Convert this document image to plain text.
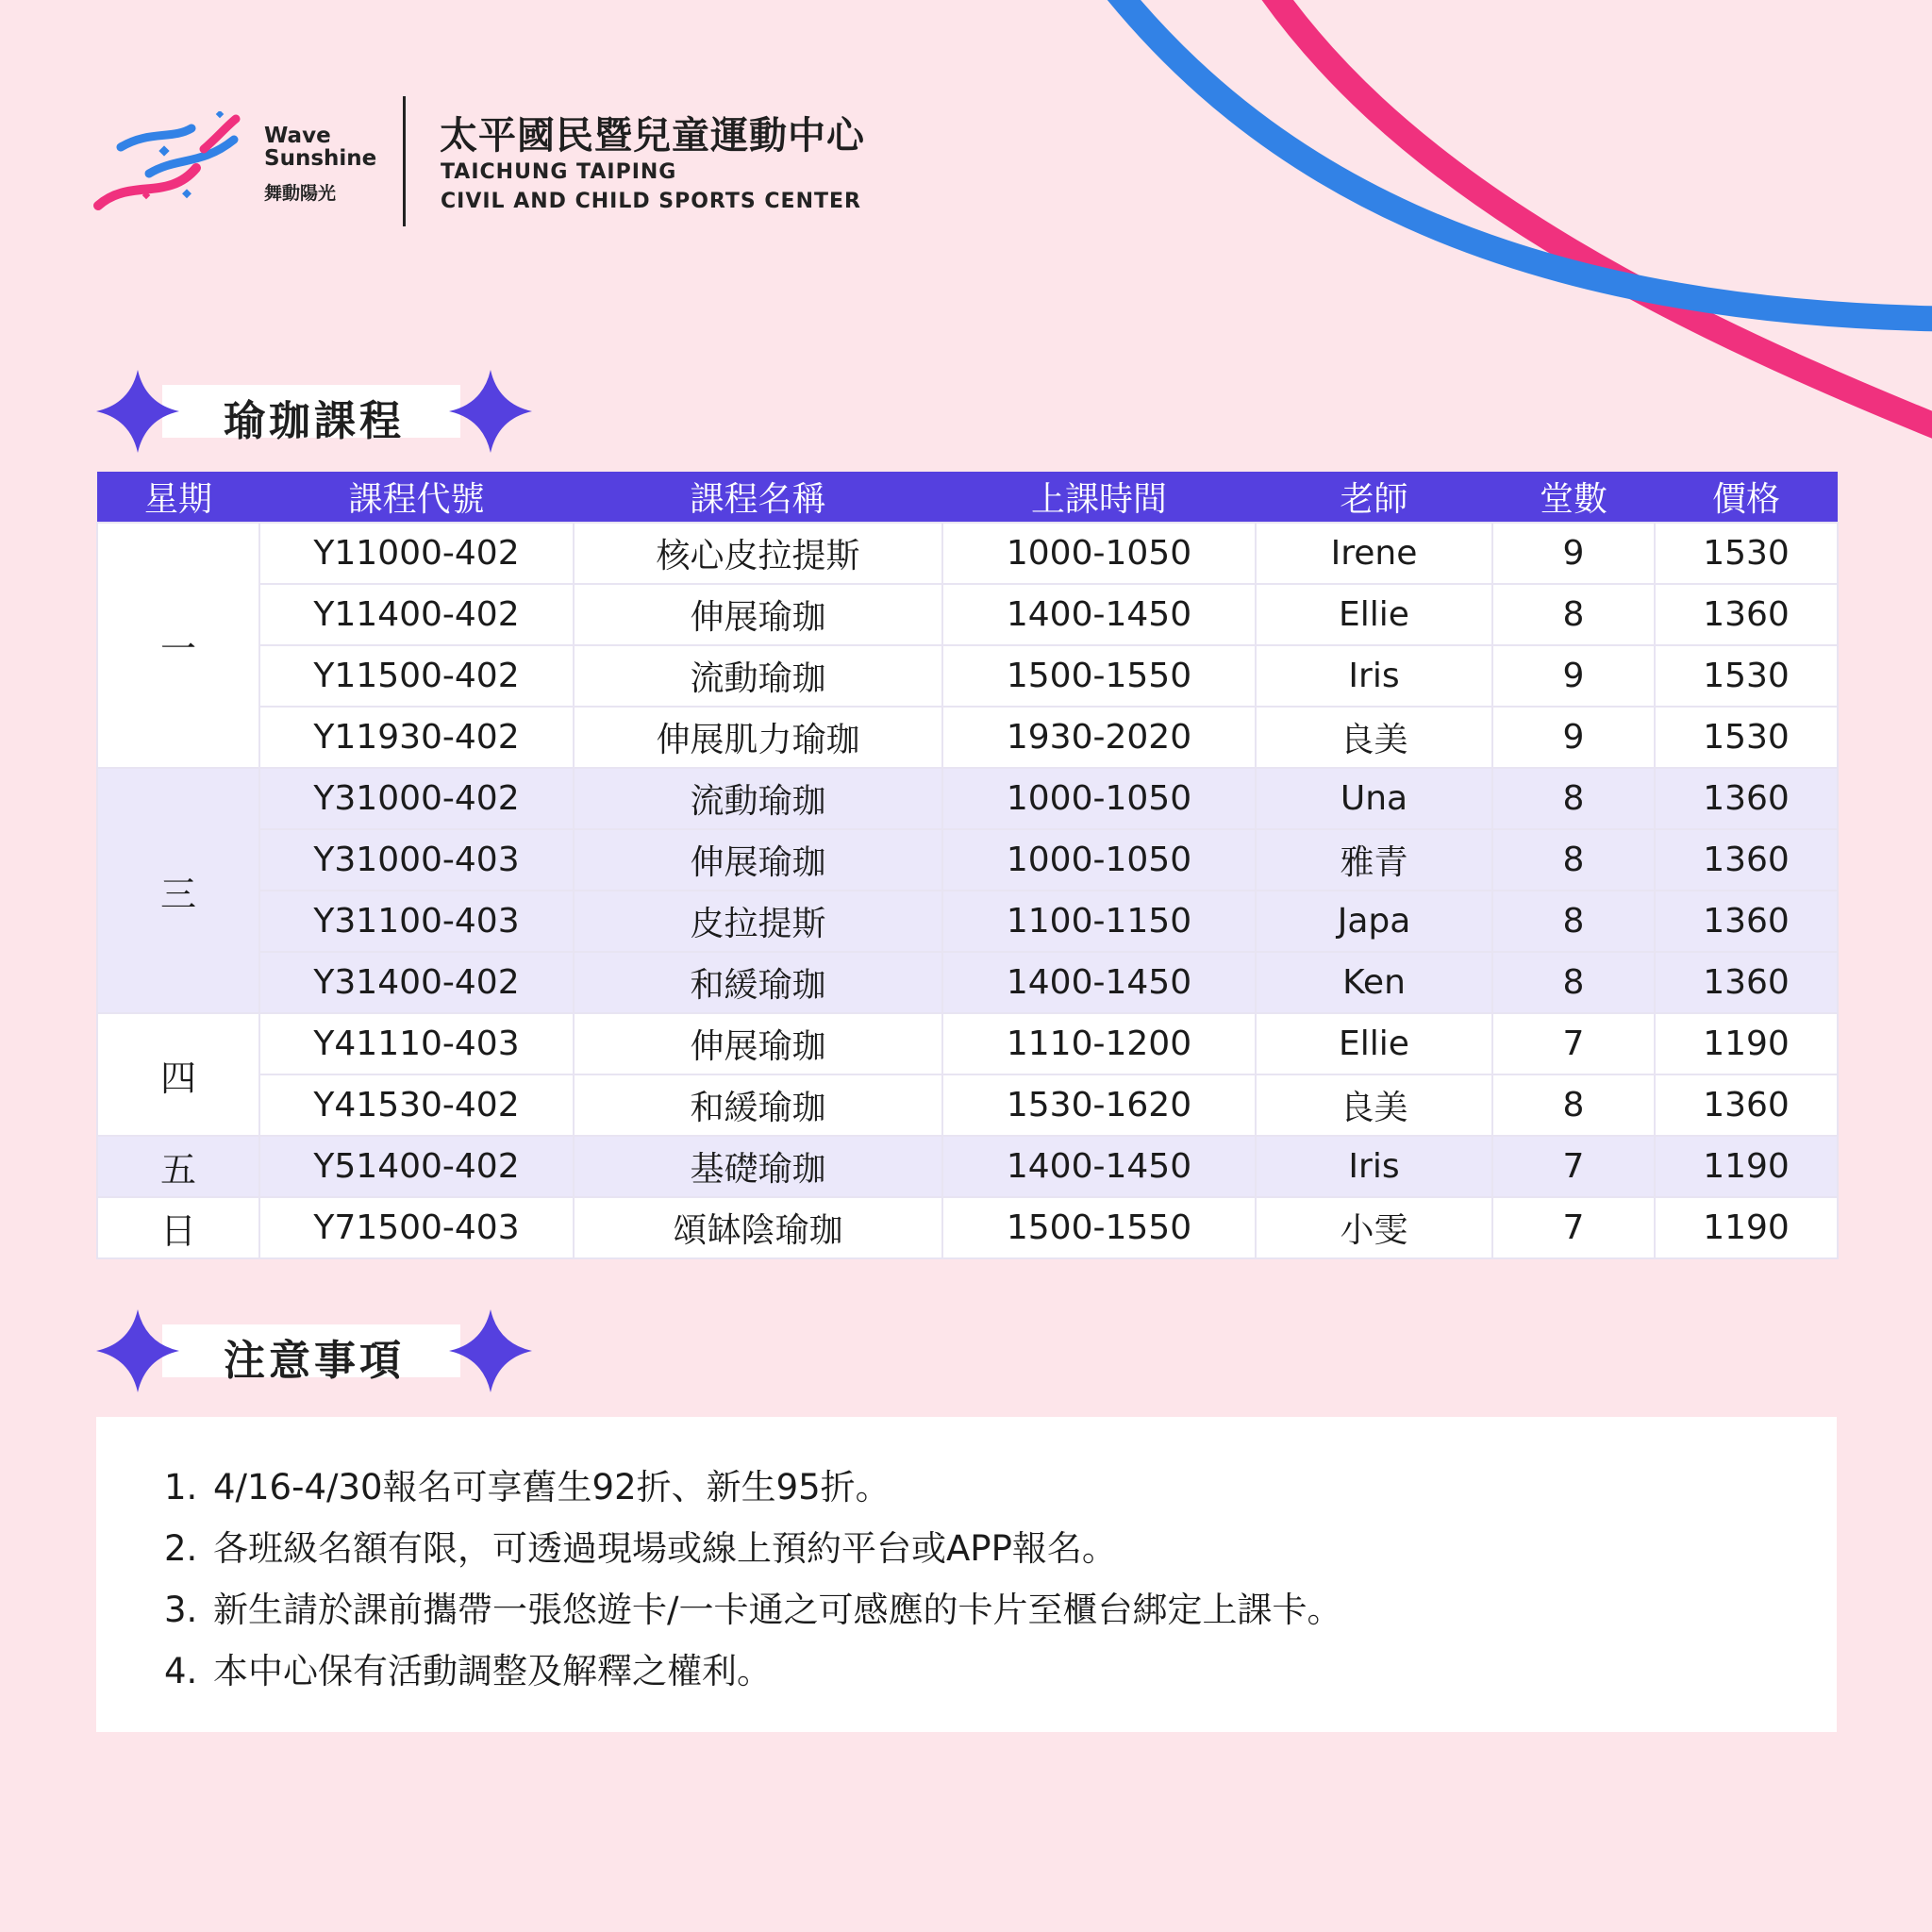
Wave
Sunshine
舞動陽光
太平國民暨兒童運動中心
TAICHUNG TAIPING
CIVIL AND CHILD SPORTS CENTER
瑜珈課程
星期	課程代號	課程名稱	上課時間	老師	堂數	價格
一	Y11000-402	核心皮拉提斯	1000-1050	Irene	9	1530
	Y11400-402	伸展瑜珈	1400-1450	Ellie	8	1360
	Y11500-402	流動瑜珈	1500-1550	Iris	9	1530
	Y11930-402	伸展肌力瑜珈	1930-2020	良美	9	1530
三	Y31000-402	流動瑜珈	1000-1050	Una	8	1360
	Y31000-403	伸展瑜珈	1000-1050	雅青	8	1360
	Y31100-403	皮拉提斯	1100-1150	Japa	8	1360
	Y31400-402	和緩瑜珈	1400-1450	Ken	8	1360
四	Y41110-403	伸展瑜珈	1110-1200	Ellie	7	1190
	Y41530-402	和緩瑜珈	1530-1620	良美	8	1360
五	Y51400-402	基礎瑜珈	1400-1450	Iris	7	1190
日	Y71500-403	頌缽陰瑜珈	1500-1550	小雯	7	1190
注意事項
1. 4/16-4/30報名可享舊生92折、新生95折。
2. 各班級名額有限，可透過現場或線上預約平台或APP報名。
3. 新生請於課前攜帶一張悠遊卡/一卡通之可感應的卡片至櫃台綁定上課卡。
4. 本中心保有活動調整及解釋之權利。
